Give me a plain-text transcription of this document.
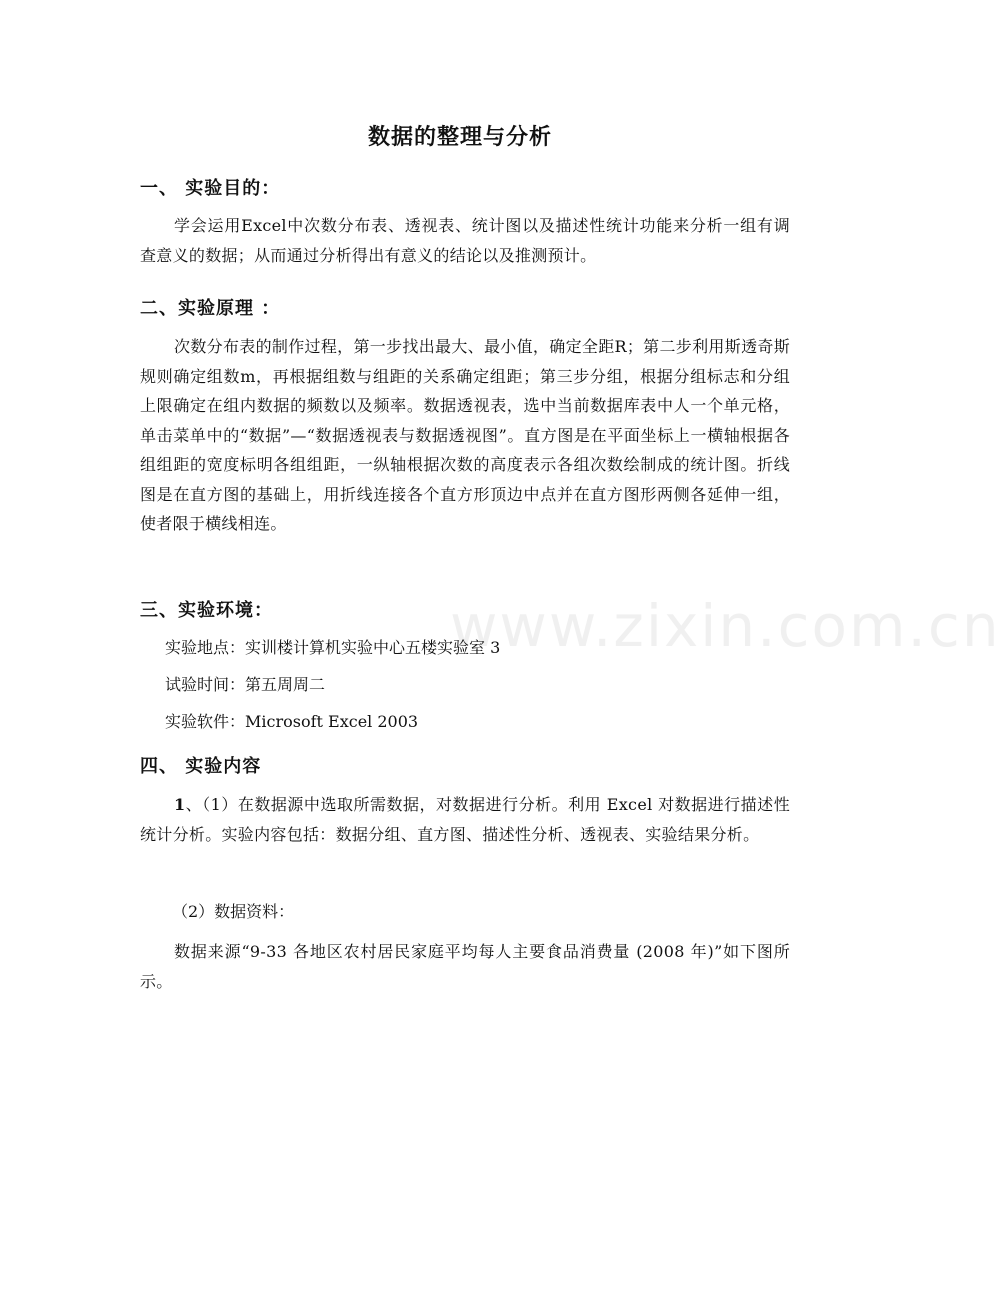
www.zixin.com.cn
数据的整理与分析
一、 实验目的：
学会运用Excel中次数分布表、透视表、统计图以及描述性统计功能来分析一组有调查意义的数据；从而通过分析得出有意义的结论以及推测预计。
二、实验原理 ：
次数分布表的制作过程，第一步找出最大、最小值，确定全距R；第二步利用斯透奇斯规则确定组数m，再根据组数与组距的关系确定组距；第三步分组，根据分组标志和分组上限确定在组内数据的频数以及频率。数据透视表，选中当前数据库表中人一个单元格，单击菜单中的“数据”—“数据透视表与数据透视图”。直方图是在平面坐标上一横轴根据各组组距的宽度标明各组组距，一纵轴根据次数的高度表示各组次数绘制成的统计图。折线图是在直方图的基础上，用折线连接各个直方形顶边中点并在直方图形两侧各延伸一组，使者限于横线相连。
三、实验环境：
实验地点：实训楼计算机实验中心五楼实验室 3
试验时间：第五周周二
实验软件：Microsoft Excel 2003
四、 实验内容
1、（1）在数据源中选取所需数据，对数据进行分析。利用 Excel 对数据进行描述性统计分析。实验内容包括：数据分组、直方图、描述性分析、透视表、实验结果分析。
（2）数据资料：
数据来源“9-33 各地区农村居民家庭平均每人主要食品消费量 (2008 年)”如下图所示。
